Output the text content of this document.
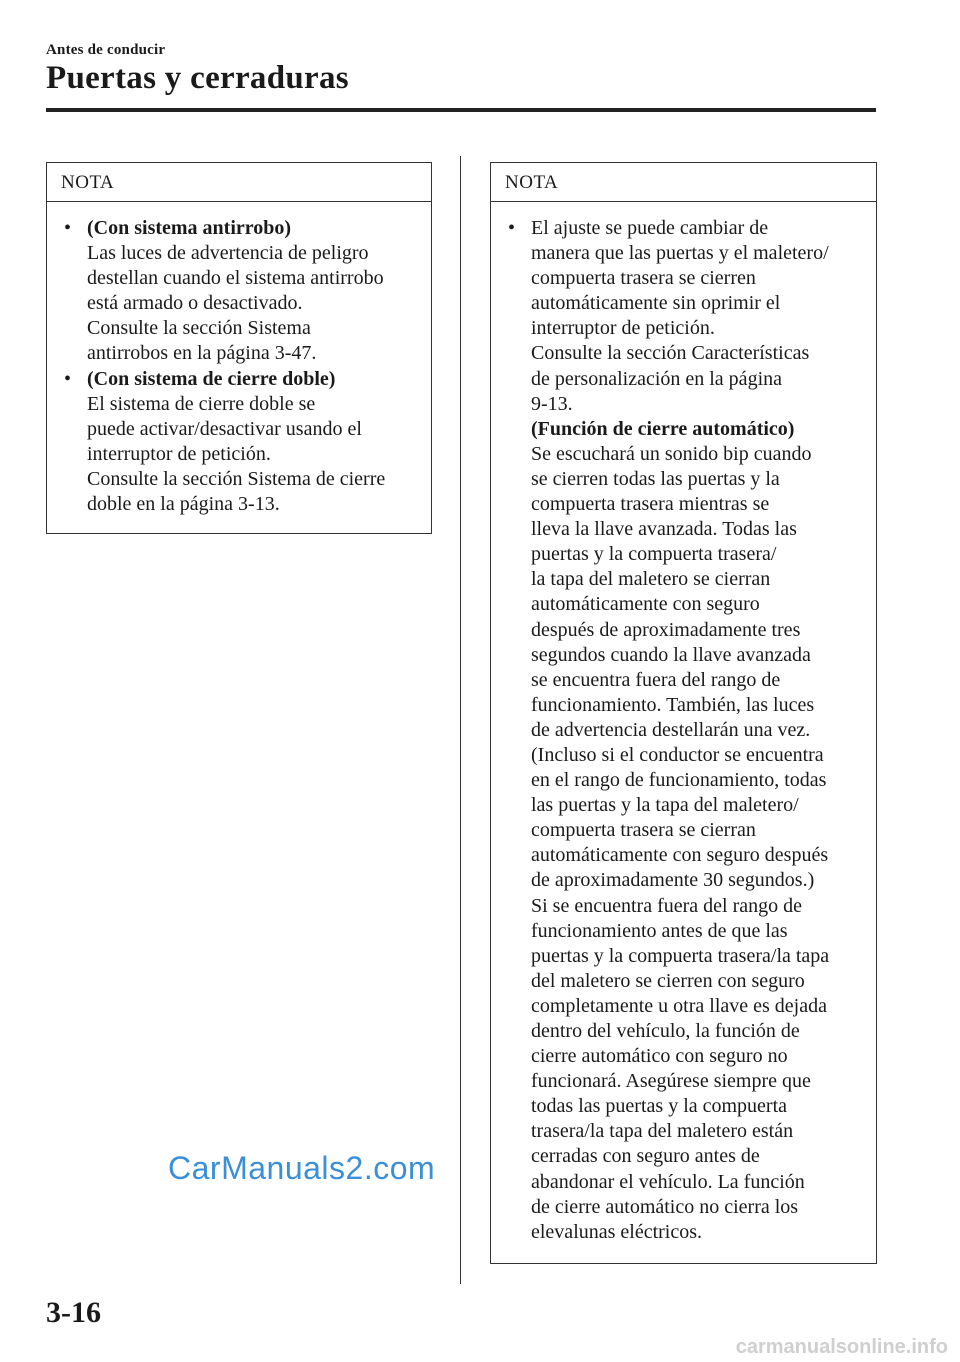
Antes de conducir
Puertas y cerraduras
NOTA
• (Con sistema antirrobo)
Las luces de advertencia de peligro
destellan cuando el sistema antirrobo
está armado o desactivado.
Consulte la sección Sistema
antirrobos en la página 3-47.
• (Con sistema de cierre doble)
El sistema de cierre doble se
puede activar/desactivar usando el
interruptor de petición.
Consulte la sección Sistema de cierre
doble en la página 3-13.
NOTA
• El ajuste se puede cambiar de
manera que las puertas y el maletero/
compuerta trasera se cierren
automáticamente sin oprimir el
interruptor de petición.
Consulte la sección Características
de personalización en la página
9-13.
(Función de cierre automático)
Se escuchará un sonido bip cuando
se cierren todas las puertas y la
compuerta trasera mientras se
lleva la llave avanzada. Todas las
puertas y la compuerta trasera/
la tapa del maletero se cierran
automáticamente con seguro
después de aproximadamente tres
segundos cuando la llave avanzada
se encuentra fuera del rango de
funcionamiento. También, las luces
de advertencia destellarán una vez.
(Incluso si el conductor se encuentra
en el rango de funcionamiento, todas
las puertas y la tapa del maletero/
compuerta trasera se cierran
automáticamente con seguro después
de aproximadamente 30 segundos.)
Si se encuentra fuera del rango de
funcionamiento antes de que las
puertas y la compuerta trasera/la tapa
del maletero se cierren con seguro
completamente u otra llave es dejada
dentro del vehículo, la función de
cierre automático con seguro no
funcionará. Asegúrese siempre que
todas las puertas y la compuerta
trasera/la tapa del maletero están
cerradas con seguro antes de
abandonar el vehículo. La función
de cierre automático no cierra los
elevalunas eléctricos.
CarManuals2.com
3-16
carmanualsonline.info
